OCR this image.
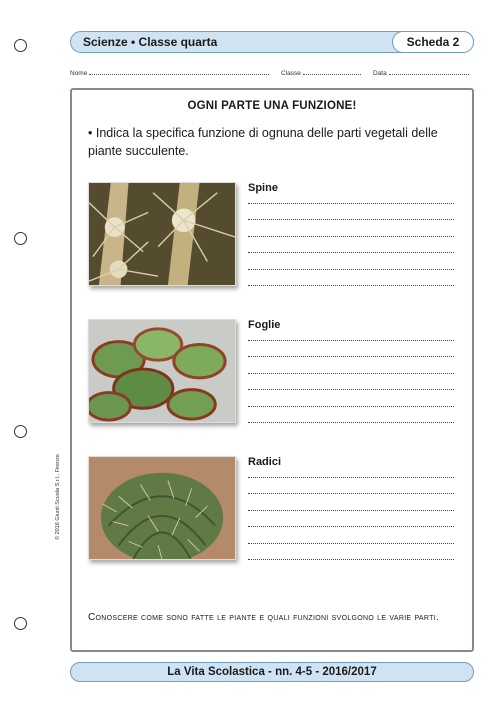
Scienze • Classe quarta	Scheda 2
Nome	Classe	Data
OGNI PARTE UNA FUNZIONE!
• Indica la specifica funzione di ognuna delle parti vegetali delle piante succulente.
Spine
Foglie
Radici
Conoscere come sono fatte le piante e quali funzioni svolgono le varie parti.
© 2016 Giunti Scuola S.r.l., Firenze
La Vita Scolastica - nn. 4-5 - 2016/2017
